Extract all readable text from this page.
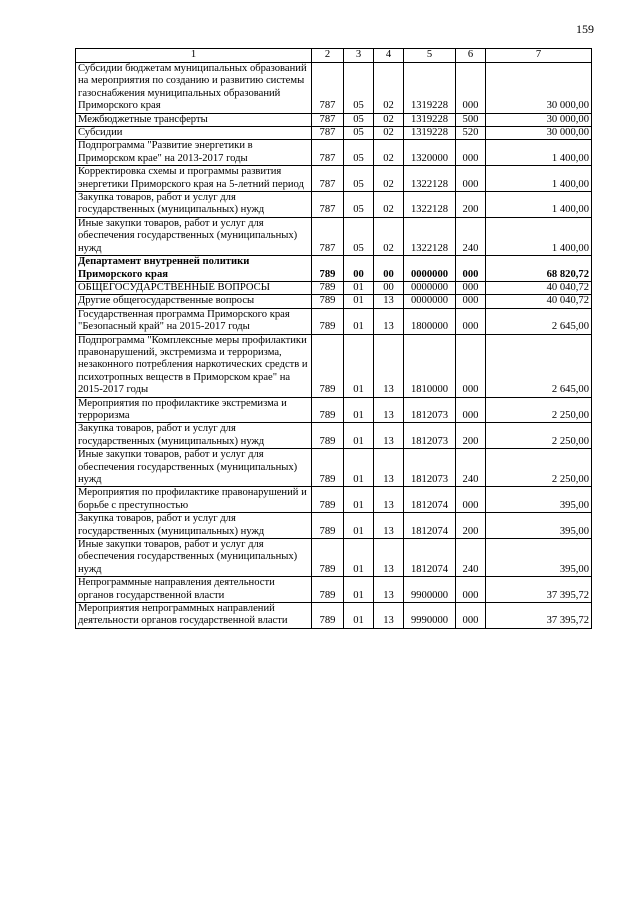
159
1	2	3	4	5	6	7
Субсидии бюджетам муниципальных образований на мероприятия по созданию и развитию системы газоснабжения муниципальных образований Приморского края	787	05	02	1319228	000	30 000,00
Межбюджетные трансферты	787	05	02	1319228	500	30 000,00
Субсидии	787	05	02	1319228	520	30 000,00
Подпрограмма "Развитие энергетики в Приморском крае" на 2013-2017 годы	787	05	02	1320000	000	1 400,00
Корректировка схемы и программы развития энергетики Приморского края на 5-летний период	787	05	02	1322128	000	1 400,00
Закупка товаров, работ и услуг для государственных (муниципальных) нужд	787	05	02	1322128	200	1 400,00
Иные закупки товаров, работ и услуг для обеспечения государственных (муниципальных) нужд	787	05	02	1322128	240	1 400,00
Департамент внутренней политики Приморского края	789	00	00	0000000	000	68 820,72
ОБЩЕГОСУДАРСТВЕННЫЕ ВОПРОСЫ	789	01	00	0000000	000	40 040,72
Другие общегосударственные вопросы	789	01	13	0000000	000	40 040,72
Государственная программа Приморского края "Безопасный край" на 2015-2017 годы	789	01	13	1800000	000	2 645,00
Подпрограмма "Комплексные меры профилактики правонарушений, экстремизма и терроризма, незаконного потребления наркотических средств и психотропных веществ в Приморском крае" на 2015-2017 годы	789	01	13	1810000	000	2 645,00
Мероприятия по профилактике экстремизма и терроризма	789	01	13	1812073	000	2 250,00
Закупка товаров, работ и услуг для государственных (муниципальных) нужд	789	01	13	1812073	200	2 250,00
Иные закупки товаров, работ и услуг для обеспечения государственных (муниципальных) нужд	789	01	13	1812073	240	2 250,00
Мероприятия по профилактике правонарушений и борьбе с преступностью	789	01	13	1812074	000	395,00
Закупка товаров, работ и услуг для государственных (муниципальных) нужд	789	01	13	1812074	200	395,00
Иные закупки товаров, работ и услуг для обеспечения государственных (муниципальных) нужд	789	01	13	1812074	240	395,00
Непрограммные направления деятельности органов государственной власти	789	01	13	9900000	000	37 395,72
Мероприятия непрограммных направлений деятельности органов государственной власти	789	01	13	9990000	000	37 395,72
